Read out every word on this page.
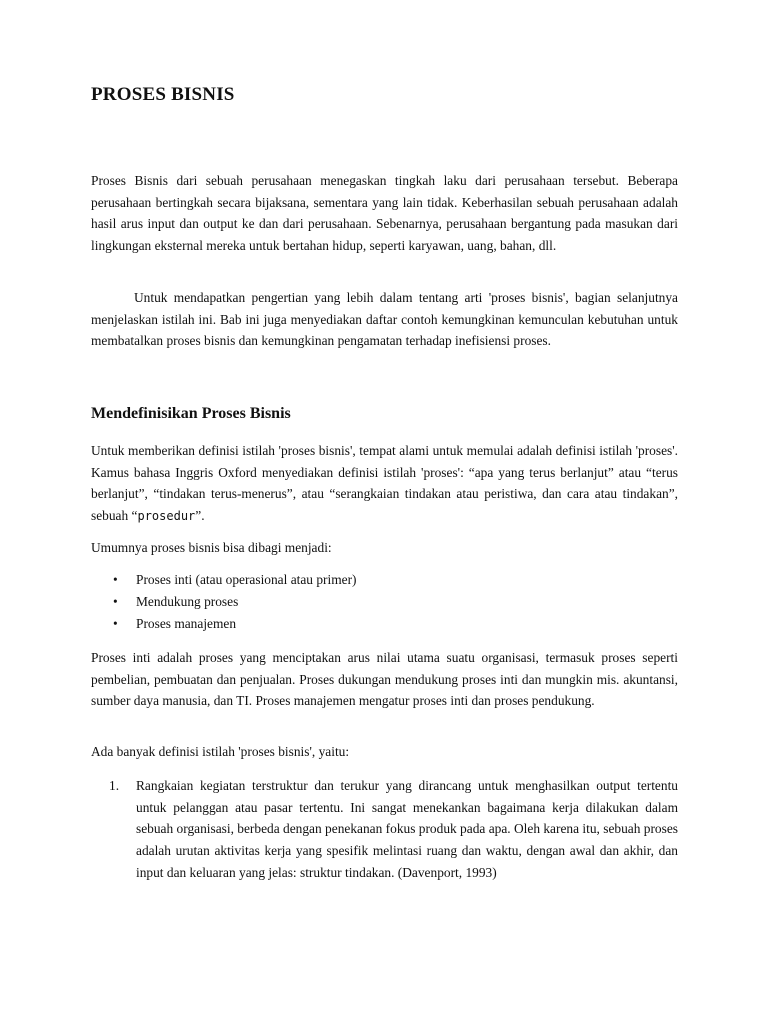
PROSES BISNIS

Proses Bisnis dari sebuah perusahaan menegaskan tingkah laku dari perusahaan tersebut. Beberapa perusahaan bertingkah secara bijaksana, sementara yang lain tidak. Keberhasilan sebuah perusahaan adalah hasil arus input dan output ke dan dari perusahaan. Sebenarnya, perusahaan bergantung pada masukan dari lingkungan eksternal mereka untuk bertahan hidup, seperti karyawan, uang, bahan, dll.

Untuk mendapatkan pengertian yang lebih dalam tentang arti 'proses bisnis', bagian selanjutnya menjelaskan istilah ini. Bab ini juga menyediakan daftar contoh kemungkinan kemunculan kebutuhan untuk membatalkan proses bisnis dan kemungkinan pengamatan terhadap inefisiensi proses.

Mendefinisikan Proses Bisnis

Untuk memberikan definisi istilah 'proses bisnis', tempat alami untuk memulai adalah definisi istilah 'proses'. Kamus bahasa Inggris Oxford menyediakan definisi istilah 'proses': “apa yang terus berlanjut” atau “terus berlanjut”, “tindakan terus-menerus”, atau “serangkaian tindakan atau peristiwa, dan cara atau tindakan”, sebuah “prosedur”.

Umumnya proses bisnis bisa dibagi menjadi:

• Proses inti (atau operasional atau primer)
• Mendukung proses
• Proses manajemen

Proses inti adalah proses yang menciptakan arus nilai utama suatu organisasi, termasuk proses seperti pembelian, pembuatan dan penjualan. Proses dukungan mendukung proses inti dan mungkin mis. akuntansi, sumber daya manusia, dan TI. Proses manajemen mengatur proses inti dan proses pendukung.

Ada banyak definisi istilah 'proses bisnis', yaitu:

1. Rangkaian kegiatan terstruktur dan terukur yang dirancang untuk menghasilkan output tertentu untuk pelanggan atau pasar tertentu. Ini sangat menekankan bagaimana kerja dilakukan dalam sebuah organisasi, berbeda dengan penekanan fokus produk pada apa. Oleh karena itu, sebuah proses adalah urutan aktivitas kerja yang spesifik melintasi ruang dan waktu, dengan awal dan akhir, dan input dan keluaran yang jelas: struktur tindakan. (Davenport, 1993)
